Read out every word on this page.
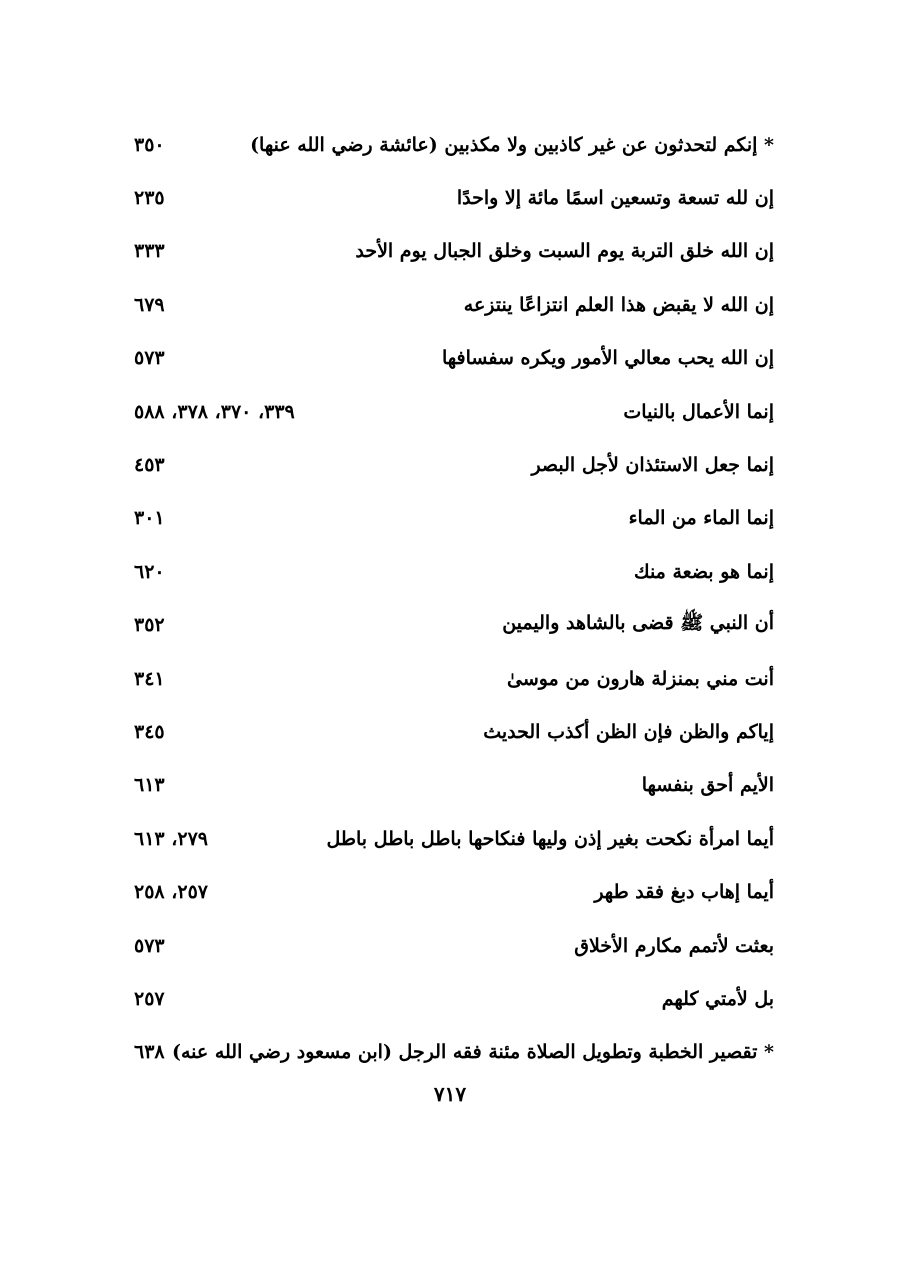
٣٥٠	* إنكم لتحدثون عن غير كاذبين ولا مكذبين (عائشة رضي الله عنها)
٢٣٥	إن لله تسعة وتسعين اسمًا مائة إلا واحدًا
٣٣٣	إن الله خلق التربة يوم السبت وخلق الجبال يوم الأحد
٦٧٩	إن الله لا يقبض هذا العلم انتزاعًا ينتزعه
٥٧٣	إن الله يحب معالي الأمور ويكره سفسافها
٣٣٩، ٣٧٠، ٣٧٨، ٥٨٨	إنما الأعمال بالنيات
٤٥٣	إنما جعل الاستئذان لأجل البصر
٣٠١	إنما الماء من الماء
٦٢٠	إنما هو بضعة منك
٣٥٢	أن النبي ﷺ قضى بالشاهد واليمين
٣٤١	أنت مني بمنزلة هارون من موسىٰ
٣٤٥	إياكم والظن فإن الظن أكذب الحديث
٦١٣	الأيم أحق بنفسها
٢٧٩، ٦١٣	أيما امرأة نكحت بغير إذن وليها فنكاحها باطل باطل باطل
٢٥٧، ٢٥٨	أيما إهاب دبغ فقد طهر
٥٧٣	بعثت لأتمم مكارم الأخلاق
٢٥٧	بل لأمتي كلهم
٦٣٨ * تقصير الخطبة وتطويل الصلاة مئنة فقه الرجل (ابن مسعود رضي الله عنه)
٧١٧
